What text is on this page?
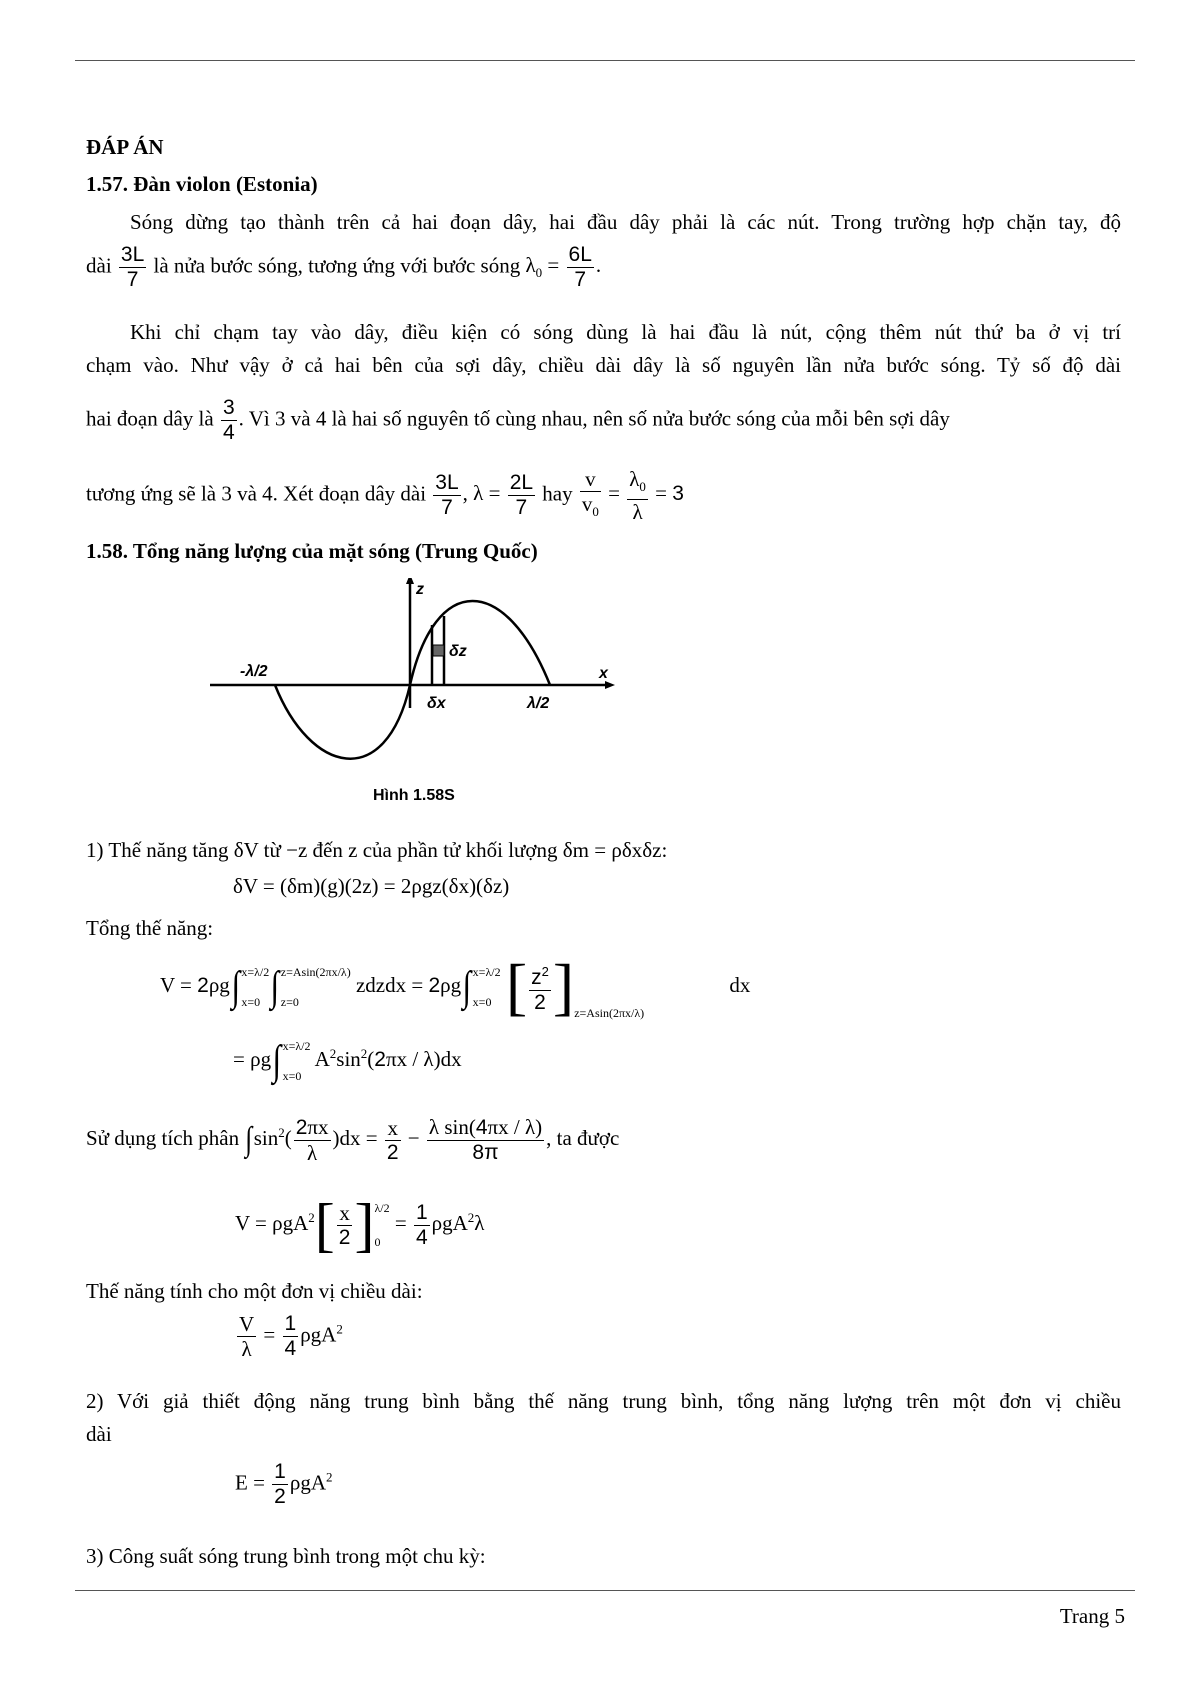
ĐÁP ÁN
1.57. Đàn violon (Estonia)
Sóng dừng tạo thành trên cả hai đoạn dây, hai đầu dây phải là các nút. Trong trường hợp chặn tay, độ
dài $\frac{3L}{7}$ là nửa bước sóng, tương ứng với bước sóng $\lambda_0 = \frac{6L}{7}$ .
Khi chỉ chạm tay vào dây, điều kiện có sóng dùng là hai đầu là nút, cộng thêm nút thứ ba ở vị trí
chạm vào. Như vậy ở cả hai bên của sợi dây, chiều dài dây là số nguyên lần nửa bước sóng. Tỷ số độ dài
hai đoạn dây là $\frac{3}{4}$ . Vì 3 và 4 là hai số nguyên tố cùng nhau, nên số nửa bước sóng của mỗi bên sợi dây
tương ứng sẽ là 3 và 4. Xét đoạn dây dài $\frac{3L}{7}$ , $\lambda = \frac{2L}{7}$ hay $\frac{v}{v_0} = \frac{\lambda_0}{\lambda} = 3$
1.58. Tổng năng lượng của mặt sóng (Trung Quốc)
z
x
-λ/2
λ/2
δx
δz
Hình 1.58S
1) Thế năng tăng δV từ −z đến z của phần tử khối lượng δm = ρδxδz:
δV = (δm)(g)(2z) = 2ρgz(δx)(δz)
Tổng thế năng:
V = 2ρg∫ x=λ/2
x=0 ∫ z=Asin(2πx/λ)
z=0
zdzdx = 2ρg∫ x=λ/2
x=0 [ $\frac{z^2}{2}$ ] z=Asin(2πx/λ)
dx
= ρg∫ x=λ/2
x=0
$A^2\sin^2(2\pi x / \lambda)dx$
Sử dụng tích phân $\int\sin^2( \frac{2\pi x}{\lambda} )dx = \frac{x}{2} - \frac{\text{λ sin(4πx / λ)}}{8\pi}$ , ta được
$V = \rho gA^2[ \frac{x}{2}$ ] λ/2
0
= $\frac{1}{4} \rho gA^2\lambda$
Thế năng tính cho một đơn vị chiều dài:
$\frac{V}{\lambda} = \frac{1}{4} \rho gA^2$
2) Với giả thiết động năng trung bình bằng thế năng trung bình, tổng năng lượng trên một đơn vị chiều
dài
$E = \frac{1}{2} \rho gA^2$
3) Công suất sóng trung bình trong một chu kỳ:
Trang 5
